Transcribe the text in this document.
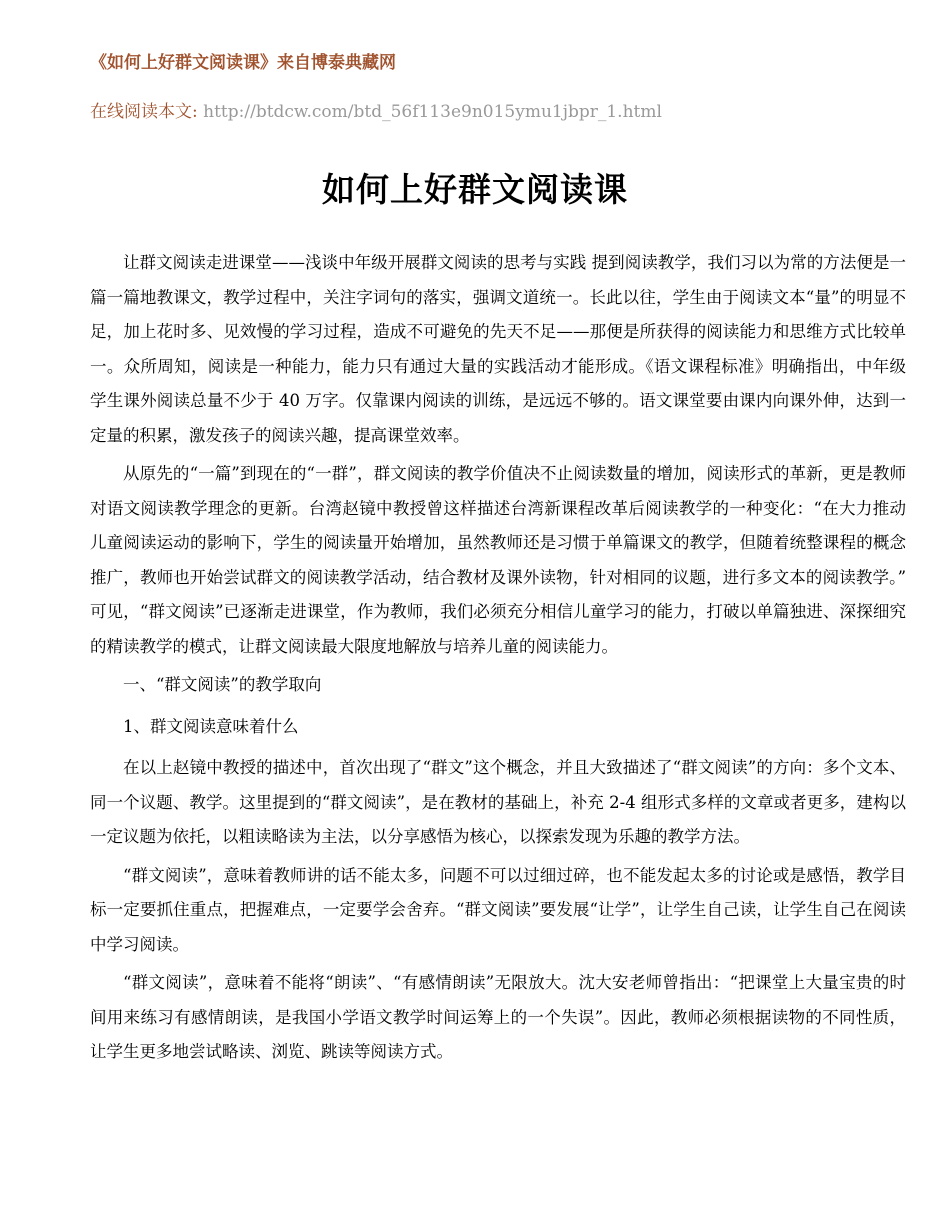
《如何上好群文阅读课》来自博泰典藏网
在线阅读本文: http://btdcw.com/btd_56f113e9n015ymu1jbpr_1.html
如何上好群文阅读课

让群文阅读走进课堂——浅谈中年级开展群文阅读的思考与实践 提到阅读教学，我们习以为常的方法便是一篇一篇地教课文，教学过程中，关注字词句的落实，强调文道统一。长此以往，学生由于阅读文本“量”的明显不足，加上花时多、见效慢的学习过程，造成不可避免的先天不足——那便是所获得的阅读能力和思维方式比较单一。众所周知，阅读是一种能力，能力只有通过大量的实践活动才能形成。《语文课程标准》明确指出，中年级学生课外阅读总量不少于 40 万字。仅靠课内阅读的训练，是远远不够的。语文课堂要由课内向课外伸，达到一定量的积累，激发孩子的阅读兴趣，提高课堂效率。

从原先的“一篇”到现在的“一群”，群文阅读的教学价值决不止阅读数量的增加，阅读形式的革新，更是教师对语文阅读教学理念的更新。台湾赵镜中教授曾这样描述台湾新课程改革后阅读教学的一种变化：“在大力推动儿童阅读运动的影响下，学生的阅读量开始增加，虽然教师还是习惯于单篇课文的教学，但随着统整课程的概念推广，教师也开始尝试群文的阅读教学活动，结合教材及课外读物，针对相同的议题，进行多文本的阅读教学。” 可见，“群文阅读”已逐渐走进课堂，作为教师，我们必须充分相信儿童学习的能力，打破以单篇独进、深探细究的精读教学的模式，让群文阅读最大限度地解放与培养儿童的阅读能力。

一、“群文阅读”的教学取向

1、群文阅读意味着什么

在以上赵镜中教授的描述中，首次出现了“群文”这个概念，并且大致描述了“群文阅读”的方向：多个文本、同一个议题、教学。这里提到的“群文阅读”，是在教材的基础上，补充 2-4 组形式多样的文章或者更多，建构以一定议题为依托，以粗读略读为主法，以分享感悟为核心，以探索发现为乐趣的教学方法。

“群文阅读”，意味着教师讲的话不能太多，问题不可以过细过碎，也不能发起太多的讨论或是感悟，教学目标一定要抓住重点，把握难点，一定要学会舍弃。“群文阅读”要发展“让学”，让学生自己读，让学生自己在阅读中学习阅读。

“群文阅读”，意味着不能将“朗读”、“有感情朗读”无限放大。沈大安老师曾指出：“把课堂上大量宝贵的时间用来练习有感情朗读，是我国小学语文教学时间运筹上的一个失误”。因此，教师必须根据读物的不同性质，让学生更多地尝试略读、浏览、跳读等阅读方式。
